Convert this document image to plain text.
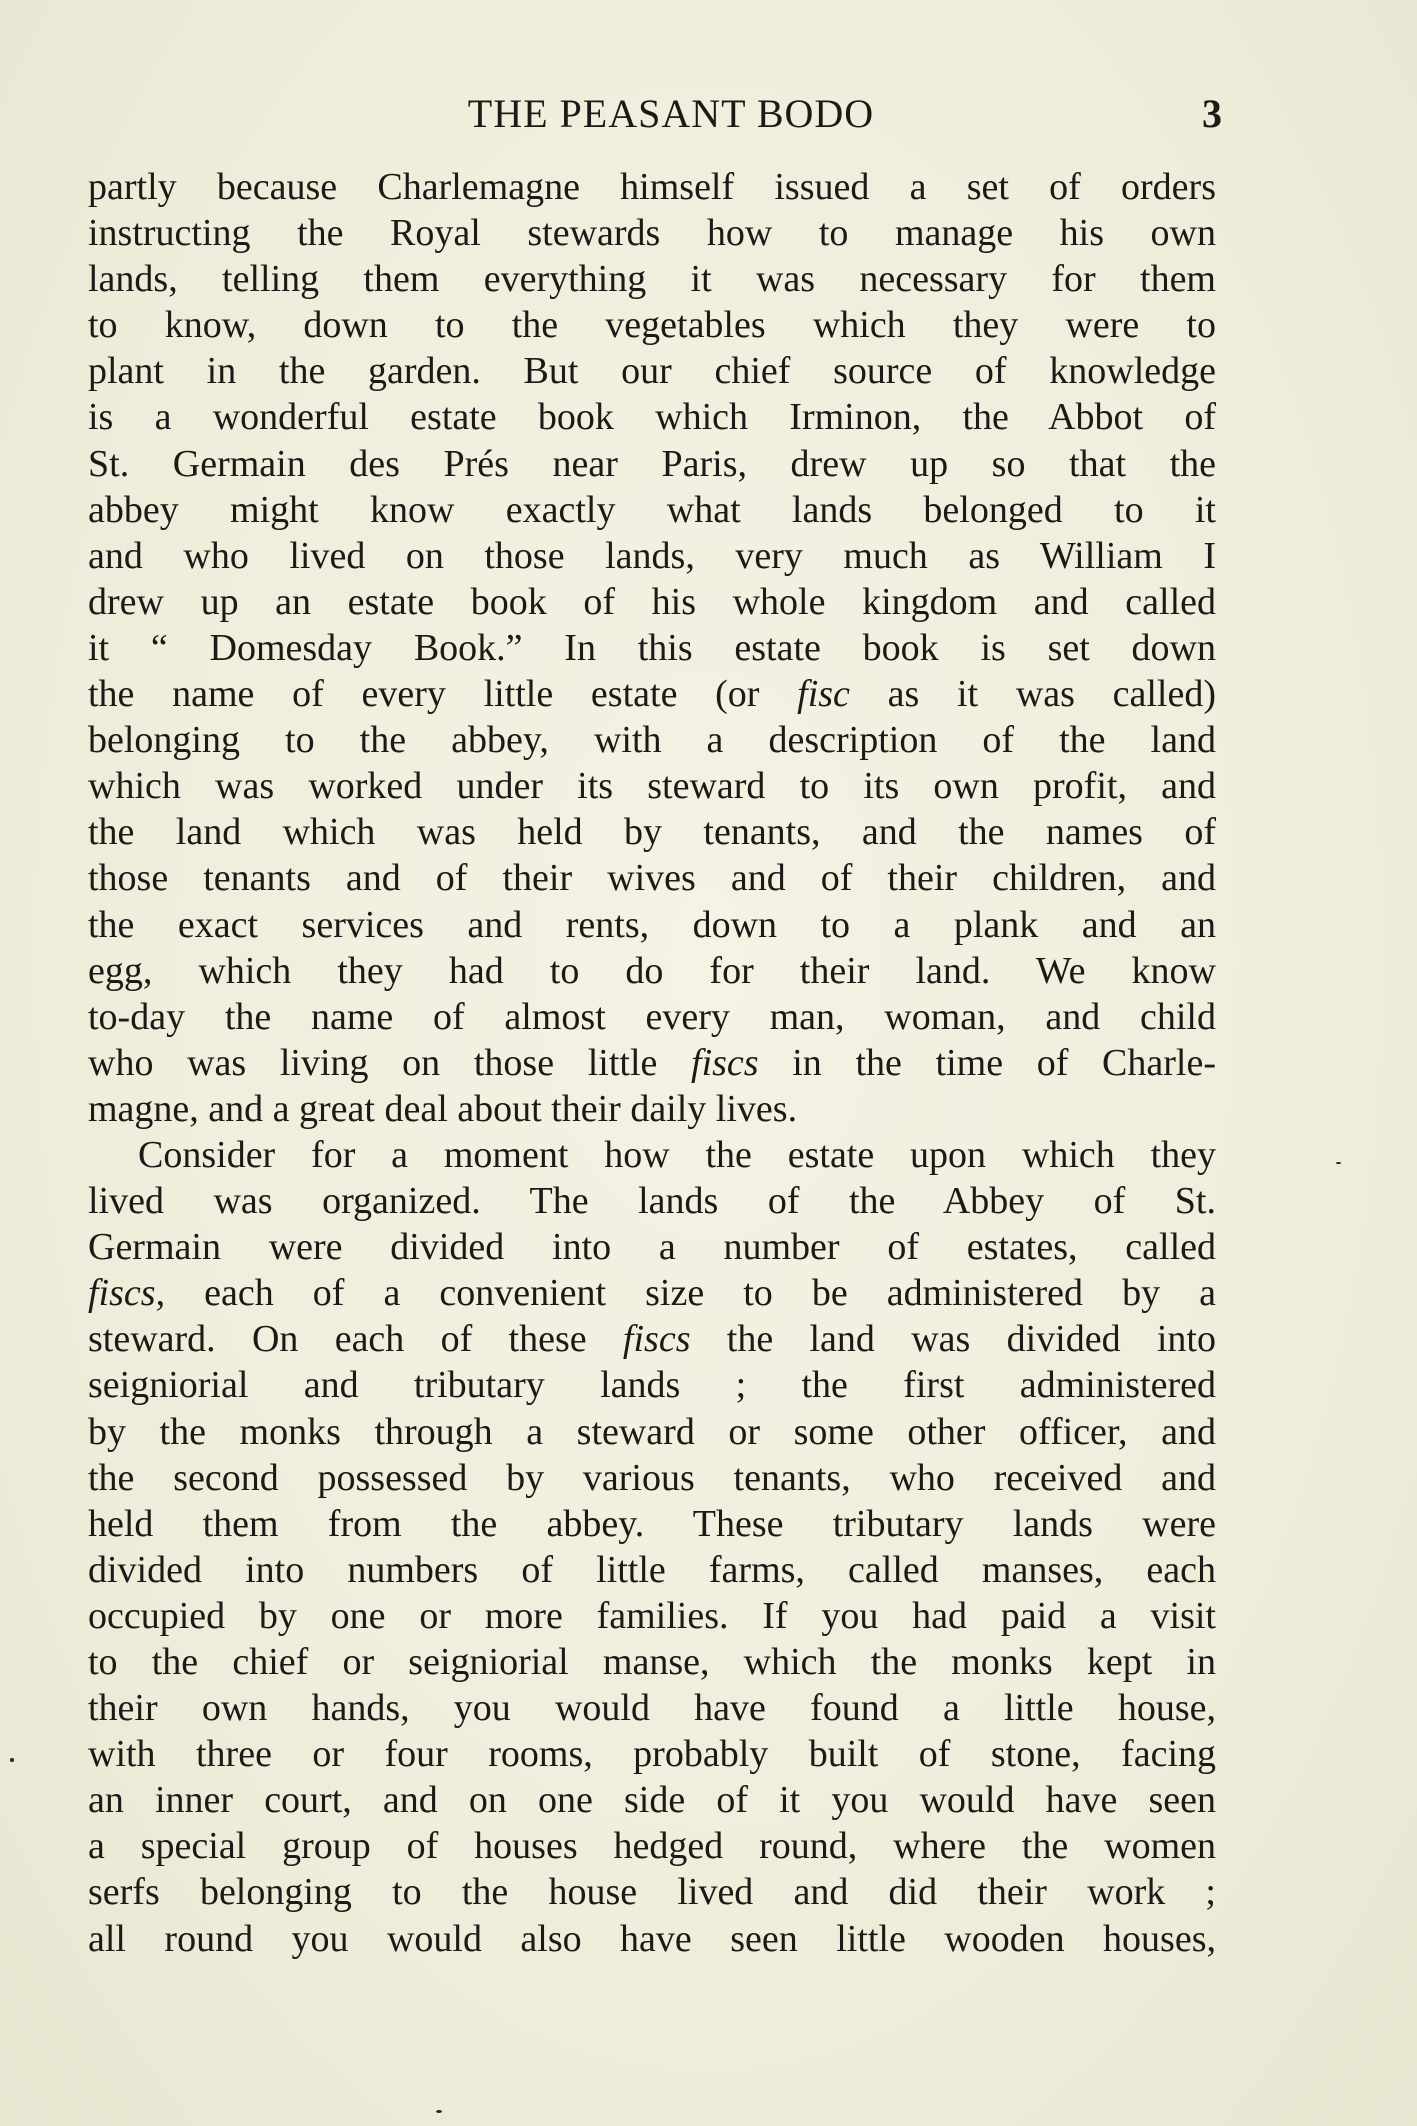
THE PEASANT BODO	3
partly because Charlemagne himself issued a set of orders
instructing the Royal stewards how to manage his own
lands, telling them everything it was necessary for them
to know, down to the vegetables which they were to
plant in the garden. But our chief source of knowledge
is a wonderful estate book which Irminon, the Abbot of
St. Germain des Prés near Paris, drew up so that the
abbey might know exactly what lands belonged to it
and who lived on those lands, very much as William I
drew up an estate book of his whole kingdom and called
it “ Domesday Book.” In this estate book is set down
the name of every little estate (or fisc as it was called)
belonging to the abbey, with a description of the land
which was worked under its steward to its own profit, and
the land which was held by tenants, and the names of
those tenants and of their wives and of their children, and
the exact services and rents, down to a plank and an
egg, which they had to do for their land. We know
to-day the name of almost every man, woman, and child
who was living on those little fiscs in the time of Charle-
magne, and a great deal about their daily lives.
Consider for a moment how the estate upon which they
lived was organized. The lands of the Abbey of St.
Germain were divided into a number of estates, called
fiscs, each of a convenient size to be administered by a
steward. On each of these fiscs the land was divided into
seigniorial and tributary lands ; the first administered
by the monks through a steward or some other officer, and
the second possessed by various tenants, who received and
held them from the abbey. These tributary lands were
divided into numbers of little farms, called manses, each
occupied by one or more families. If you had paid a visit
to the chief or seigniorial manse, which the monks kept in
their own hands, you would have found a little house,
with three or four rooms, probably built of stone, facing
an inner court, and on one side of it you would have seen
a special group of houses hedged round, where the women
serfs belonging to the house lived and did their work ;
all round you would also have seen little wooden houses,
